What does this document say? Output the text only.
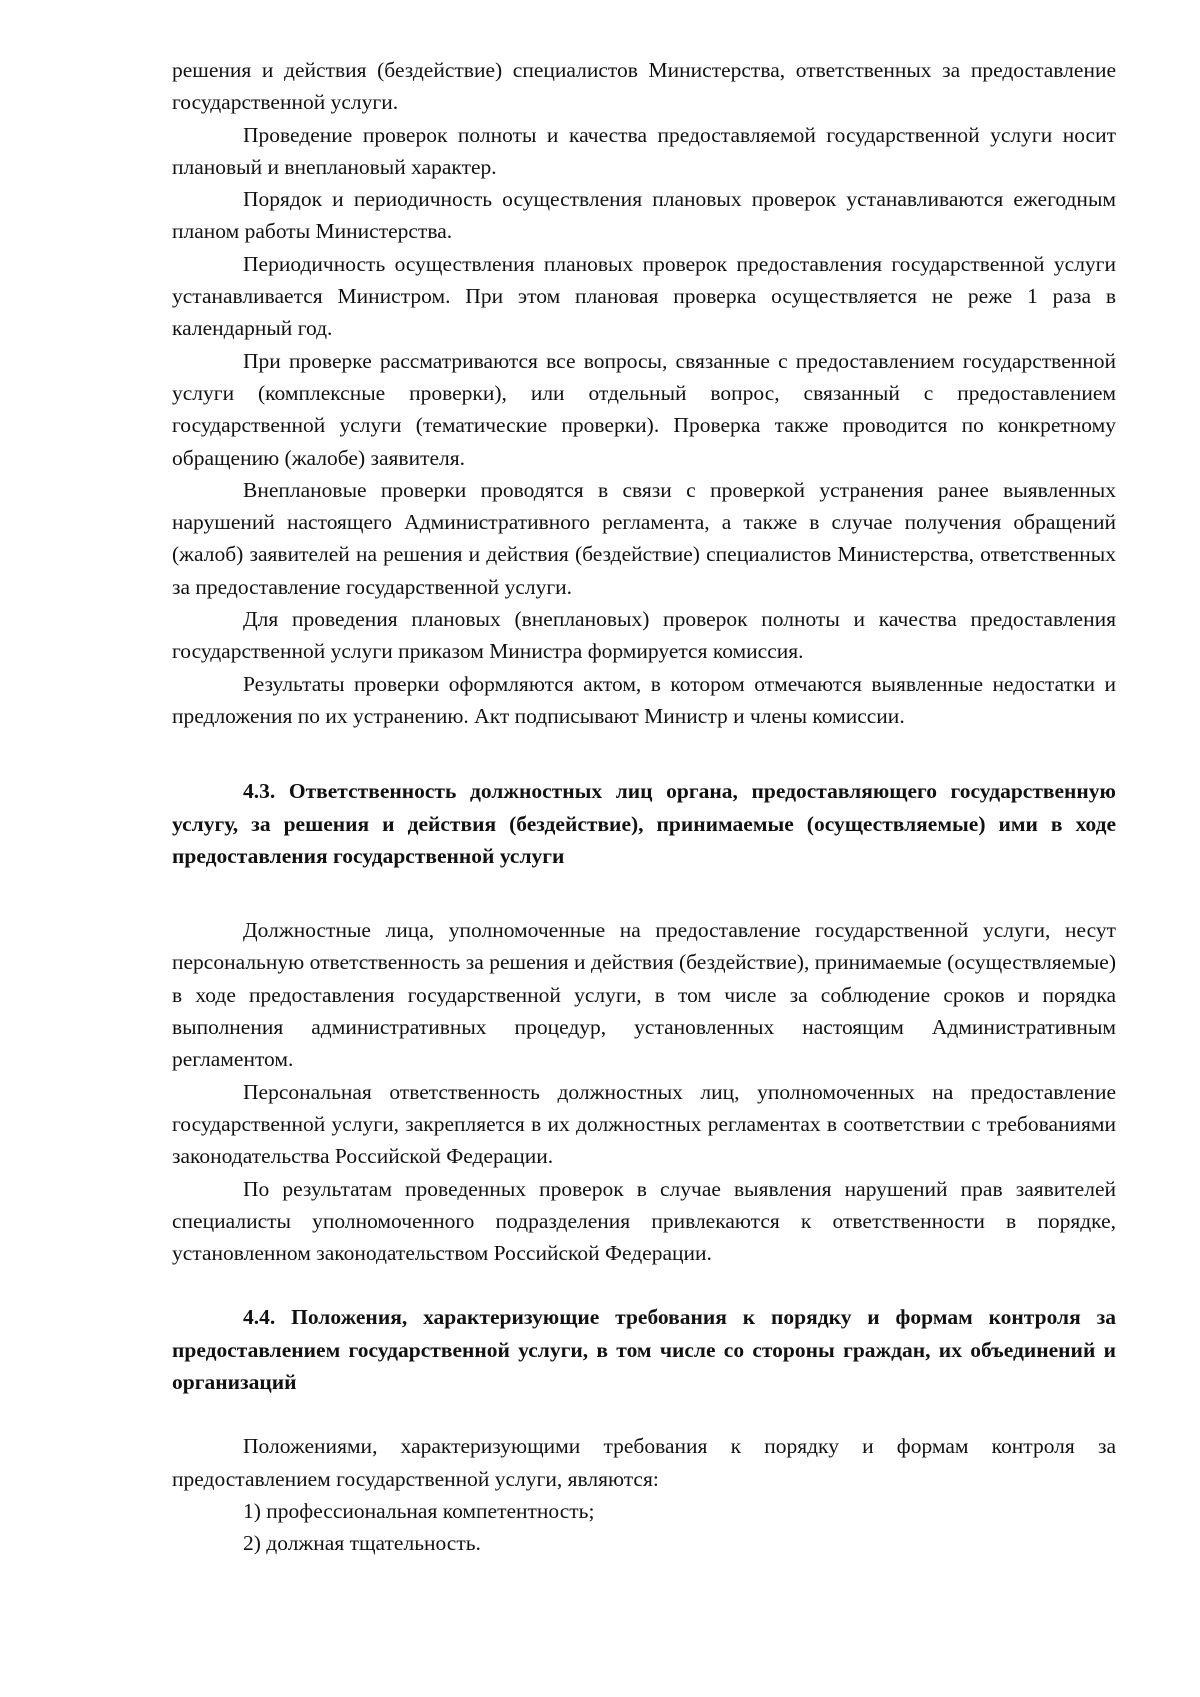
решения и действия (бездействие) специалистов Министерства, ответственных за предоставление государственной услуги.

Проведение проверок полноты и качества предоставляемой государственной услуги носит плановый и внеплановый характер.

Порядок и периодичность осуществления плановых проверок устанавливаются ежегодным планом работы Министерства.

Периодичность осуществления плановых проверок предоставления государственной услуги устанавливается Министром. При этом плановая проверка осуществляется не реже 1 раза в календарный год.

При проверке рассматриваются все вопросы, связанные с предоставлением государственной услуги (комплексные проверки), или отдельный вопрос, связанный с предоставлением государственной услуги (тематические проверки). Проверка также проводится по конкретному обращению (жалобе) заявителя.

Внеплановые проверки проводятся в связи с проверкой устранения ранее выявленных нарушений настоящего Административного регламента, а также в случае получения обращений (жалоб) заявителей на решения и действия (бездействие) специалистов Министерства, ответственных за предоставление государственной услуги.

Для проведения плановых (внеплановых) проверок полноты и качества предоставления государственной услуги приказом Министра формируется комиссия.

Результаты проверки оформляются актом, в котором отмечаются выявленные недостатки и предложения по их устранению. Акт подписывают Министр и члены комиссии.

4.3. Ответственность должностных лиц органа, предоставляющего государственную услугу, за решения и действия (бездействие), принимаемые (осуществляемые) ими в ходе предоставления государственной услуги

Должностные лица, уполномоченные на предоставление государственной услуги, несут персональную ответственность за решения и действия (бездействие), принимаемые (осуществляемые) в ходе предоставления государственной услуги, в том числе за соблюдение сроков и порядка выполнения административных процедур, установленных настоящим Административным регламентом.

Персональная ответственность должностных лиц, уполномоченных на предоставление государственной услуги, закрепляется в их должностных регламентах в соответствии с требованиями законодательства Российской Федерации.

По результатам проведенных проверок в случае выявления нарушений прав заявителей специалисты уполномоченного подразделения привлекаются к ответственности в порядке, установленном законодательством Российской Федерации.

4.4. Положения, характеризующие требования к порядку и формам контроля за предоставлением государственной услуги, в том числе со стороны граждан, их объединений и организаций

Положениями, характеризующими требования к порядку и формам контроля за предоставлением государственной услуги, являются:

1) профессиональная компетентность;

2) должная тщательность.
